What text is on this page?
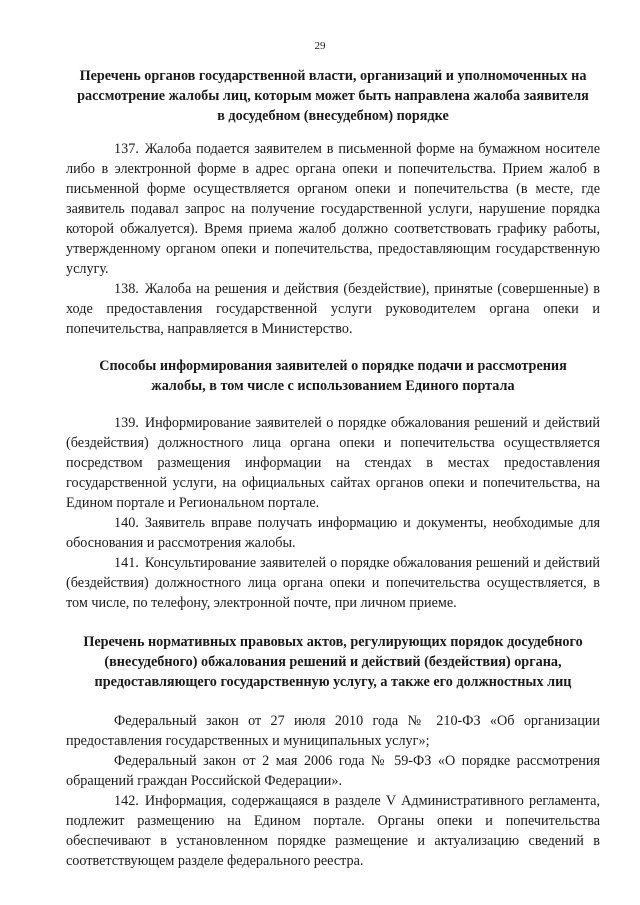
29
Перечень органов государственной власти, организаций и уполномоченных на рассмотрение жалобы лиц, которым может быть направлена жалоба заявителя в досудебном (внесудебном) порядке

137. Жалоба подается заявителем в письменной форме на бумажном носителе либо в электронной форме в адрес органа опеки и попечительства. Прием жалоб в письменной форме осуществляется органом опеки и попечительства (в месте, где заявитель подавал запрос на получение государственной услуги, нарушение порядка которой обжалуется). Время приема жалоб должно соответствовать графику работы, утвержденному органом опеки и попечительства, предоставляющим государственную услугу.

138. Жалоба на решения и действия (бездействие), принятые (совершенные) в ходе предоставления государственной услуги руководителем органа опеки и попечительства, направляется в Министерство.

Способы информирования заявителей о порядке подачи и рассмотрения жалобы, в том числе с использованием Единого портала

139. Информирование заявителей о порядке обжалования решений и действий (бездействия) должностного лица органа опеки и попечительства осуществляется посредством размещения информации на стендах в местах предоставления государственной услуги, на официальных сайтах органов опеки и попечительства, на Едином портале и Региональном портале.

140. Заявитель вправе получать информацию и документы, необходимые для обоснования и рассмотрения жалобы.

141. Консультирование заявителей о порядке обжалования решений и действий (бездействия) должностного лица органа опеки и попечительства осуществляется, в том числе, по телефону, электронной почте, при личном приеме.

Перечень нормативных правовых актов, регулирующих порядок досудебного (внесудебного) обжалования решений и действий (бездействия) органа, предоставляющего государственную услугу, а также его должностных лиц

Федеральный закон от 27 июля 2010 года № 210-ФЗ «Об организации предоставления государственных и муниципальных услуг»;

Федеральный закон от 2 мая 2006 года № 59-ФЗ «О порядке рассмотрения обращений граждан Российской Федерации».

142. Информация, содержащаяся в разделе V Административного регламента, подлежит размещению на Едином портале. Органы опеки и попечительства обеспечивают в установленном порядке размещение и актуализацию сведений в соответствующем разделе федерального реестра.
